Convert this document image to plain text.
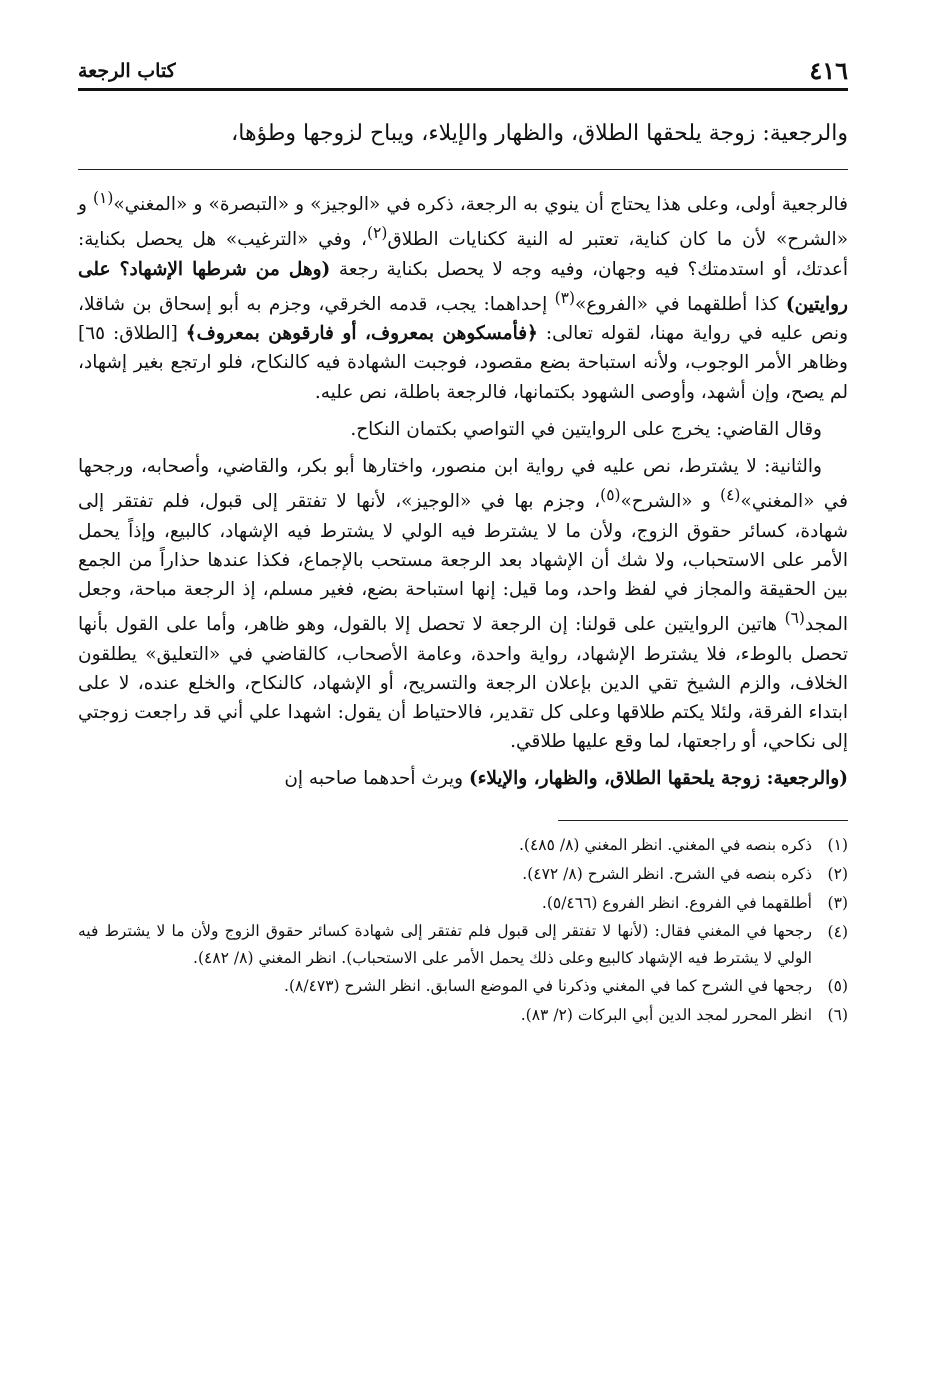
٤١٦
كتاب الرجعة
والرجعية: زوجة يلحقها الطلاق، والظهار والإيلاء، ويباح لزوجها وطؤها،

فالرجعية أولى، وعلى هذا يحتاج أن ينوي به الرجعة، ذكره في «الوجيز» و «التبصرة» و «المغني»$^{(١)}$ و «الشرح» لأن ما كان كناية، تعتبر له النية ككنايات الطلاق$^{(٢)}$، وفي «الترغيب» هل يحصل بكناية: أعدتك، أو استدمتك؟ فيه وجهان، وفيه وجه لا يحصل بكناية رجعة (وهل من شرطها الإشهاد؟ على روايتين) كذا أطلقهما في «الفروع»$^{(٣)}$ إحداهما: يجب، قدمه الخرقي، وجزم به أبو إسحاق بن شاقلا، ونص عليه في رواية مهنا، لقوله تعالى: ﴿فأمسكوهن بمعروف، أو فارقوهن بمعروف﴾ [الطلاق: ٦٥] وظاهر الأمر الوجوب، ولأنه استباحة بضع مقصود، فوجبت الشهادة فيه كالنكاح، فلو ارتجع بغير إشهاد، لم يصح، وإن أشهد، وأوصى الشهود بكتمانها، فالرجعة باطلة، نص عليه.

وقال القاضي: يخرج على الروايتين في التواصي بكتمان النكاح.

والثانية: لا يشترط، نص عليه في رواية ابن منصور، واختارها أبو بكر، والقاضي، وأصحابه، ورجحها في «المغني»$^{(٤)}$ و «الشرح»$^{(٥)}$، وجزم بها في «الوجيز»، لأنها لا تفتقر إلى قبول، فلم تفتقر إلى شهادة، كسائر حقوق الزوج، ولأن ما لا يشترط فيه الولي لا يشترط فيه الإشهاد، كالبيع، وإذاً يحمل الأمر على الاستحباب، ولا شك أن الإشهاد بعد الرجعة مستحب بالإجماع، فكذا عندها حذاراً من الجمع بين الحقيقة والمجاز في لفظ واحد، وما قيل: إنها استباحة بضع، فغير مسلم، إذ الرجعة مباحة، وجعل المجد$^{(٦)}$ هاتين الروايتين على قولنا: إن الرجعة لا تحصل إلا بالقول، وهو ظاهر، وأما على القول بأنها تحصل بالوطء، فلا يشترط الإشهاد، رواية واحدة، وعامة الأصحاب، كالقاضي في «التعليق» يطلقون الخلاف، والزم الشيخ تقي الدين بإعلان الرجعة والتسريح، أو الإشهاد، كالنكاح، والخلع عنده، لا على ابتداء الفرقة، ولئلا يكتم طلاقها وعلى كل تقدير، فالاحتياط أن يقول: اشهدا علي أني قد راجعت زوجتي إلى نكاحي، أو راجعتها، لما وقع عليها طلاقي.

(والرجعية: زوجة يلحقها الطلاق، والظهار، والإيلاء) ويرث أحدهما صاحبه إن

(١)
ذكره بنصه في المغني. انظر المغني (٨/ ٤٨٥).
(٢)
ذكره بنصه في الشرح. انظر الشرح (٨/ ٤٧٢).
(٣)
أطلقهما في الفروع. انظر الفروع (٥/٤٦٦).
(٤)
رجحها في المغني فقال: (لأنها لا تفتقر إلى قبول فلم تفتقر إلى شهادة كسائر حقوق الزوج ولأن ما لا يشترط فيه الولي لا يشترط فيه الإشهاد كالبيع وعلى ذلك يحمل الأمر على الاستحباب). انظر المغني (٨/ ٤٨٢).
(٥)
رجحها في الشرح كما في المغني وذكرنا في الموضع السابق. انظر الشرح (٨/٤٧٣).
(٦)
انظر المحرر لمجد الدين أبي البركات (٢/ ٨٣).
